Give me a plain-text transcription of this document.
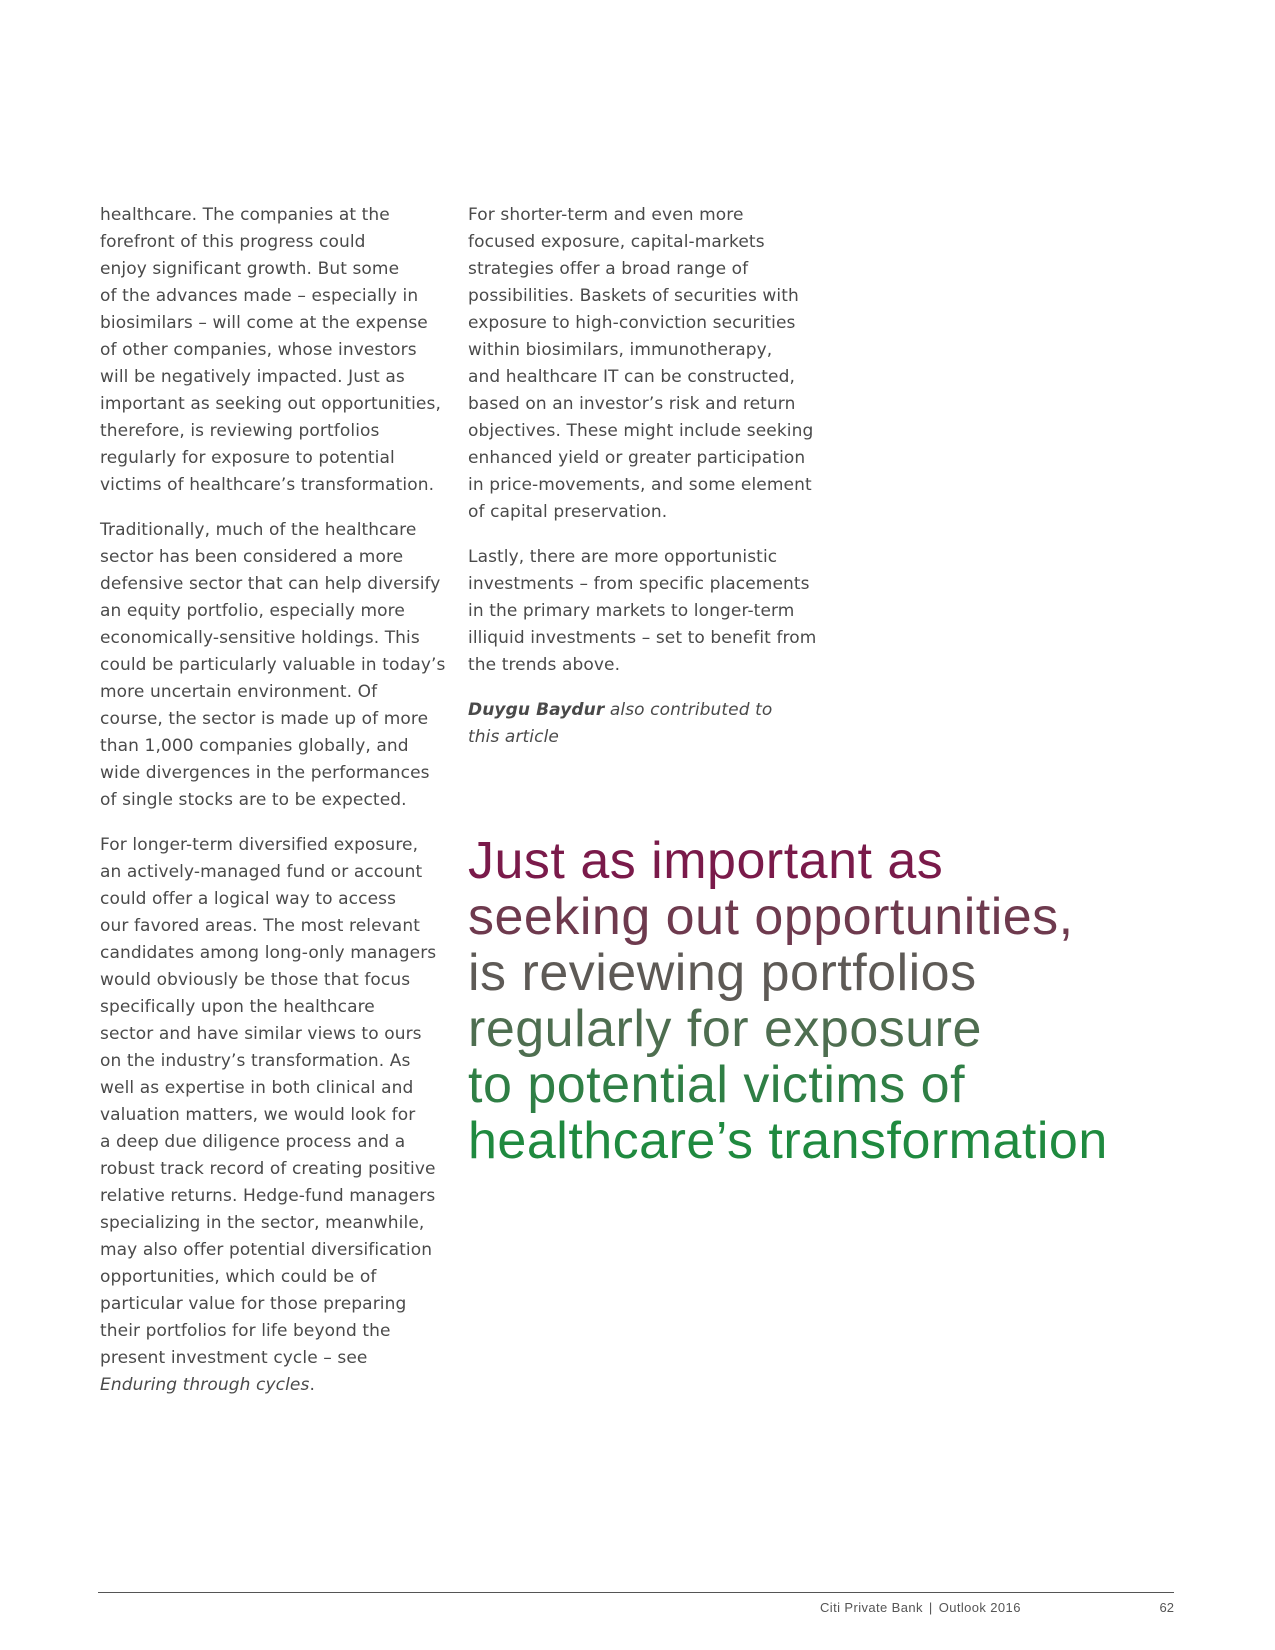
healthcare. The companies at the
forefront of this progress could
enjoy significant growth. But some
of the advances made – especially in
biosimilars – will come at the expense
of other companies, whose investors
will be negatively impacted. Just as
important as seeking out opportunities,
therefore, is reviewing portfolios
regularly for exposure to potential
victims of healthcare’s transformation.

Traditionally, much of the healthcare
sector has been considered a more
defensive sector that can help diversify
an equity portfolio, especially more
economically-sensitive holdings. This
could be particularly valuable in today’s
more uncertain environment. Of
course, the sector is made up of more
than 1,000 companies globally, and
wide divergences in the performances
of single stocks are to be expected.

For longer-term diversified exposure,
an actively-managed fund or account
could offer a logical way to access
our favored areas. The most relevant
candidates among long-only managers
would obviously be those that focus
specifically upon the healthcare
sector and have similar views to ours
on the industry’s transformation. As
well as expertise in both clinical and
valuation matters, we would look for
a deep due diligence process and a
robust track record of creating positive
relative returns. Hedge-fund managers
specializing in the sector, meanwhile,
may also offer potential diversification
opportunities, which could be of
particular value for those preparing
their portfolios for life beyond the
present investment cycle – see
Enduring through cycles.

For shorter-term and even more
focused exposure, capital-markets
strategies offer a broad range of
possibilities. Baskets of securities with
exposure to high-conviction securities
within biosimilars, immunotherapy,
and healthcare IT can be constructed,
based on an investor’s risk and return
objectives. These might include seeking
enhanced yield or greater participation
in price-movements, and some element
of capital preservation.

Lastly, there are more opportunistic
investments – from specific placements
in the primary markets to longer-term
illiquid investments – set to benefit from
the trends above.

Duygu Baydur also contributed to
this article

Just as important as
seeking out opportunities,
is reviewing portfolios
regularly for exposure
to potential victims of
healthcare’s transformation
Citi Private Bank | Outlook 2016	62
